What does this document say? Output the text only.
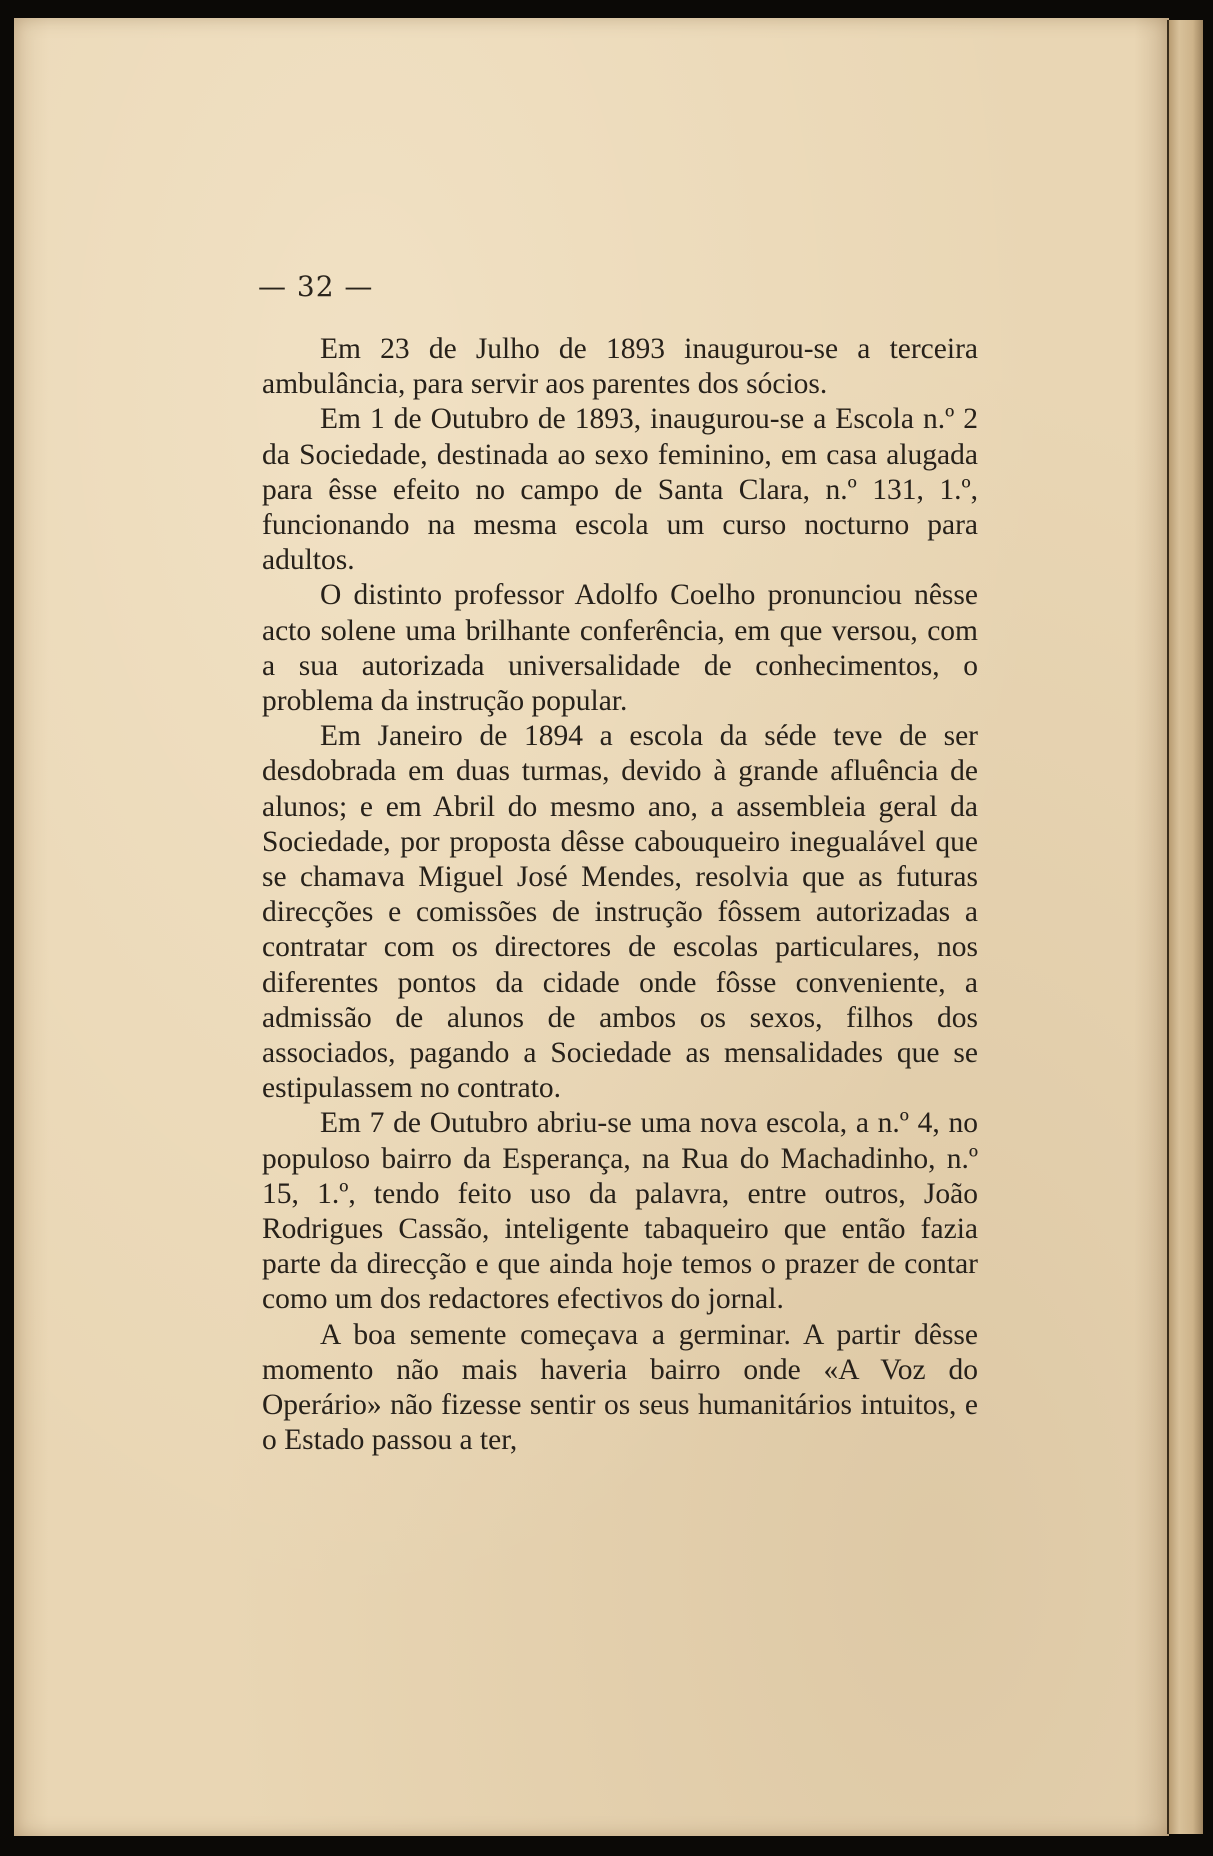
— 32 —

Em 23 de Julho de 1893 inaugurou-se a terceira ambulância, para servir aos parentes dos sócios.

Em 1 de Outubro de 1893, inaugurou-se a Escola n.º 2 da Sociedade, destinada ao sexo feminino, em casa alugada para êsse efeito no campo de Santa Clara, n.º 131, 1.º, funcionando na mesma escola um curso nocturno para adultos.

O distinto professor Adolfo Coelho pronunciou nêsse acto solene uma brilhante conferência, em que versou, com a sua autorizada universalidade de conhecimentos, o problema da instrução popular.

Em Janeiro de 1894 a escola da séde teve de ser desdobrada em duas turmas, devido à grande afluência de alunos; e em Abril do mesmo ano, a assembleia geral da Sociedade, por proposta dêsse cabouqueiro inegualável que se chamava Miguel José Mendes, resolvia que as futuras direcções e comissões de instrução fôssem autorizadas a contratar com os directores de escolas particulares, nos diferentes pontos da cidade onde fôsse conveniente, a admissão de alunos de ambos os sexos, filhos dos associados, pagando a Sociedade as mensalidades que se estipulassem no contrato.

Em 7 de Outubro abriu-se uma nova escola, a n.º 4, no populoso bairro da Esperança, na Rua do Machadinho, n.º 15, 1.º, tendo feito uso da palavra, entre outros, João Rodrigues Cassão, inteligente tabaqueiro que então fazia parte da direcção e que ainda hoje temos o prazer de contar como um dos redactores efectivos do jornal.

A boa semente começava a germinar. A partir dêsse momento não mais haveria bairro onde «A Voz do Operário» não fizesse sentir os seus humanitários intuitos, e o Estado passou a ter,
